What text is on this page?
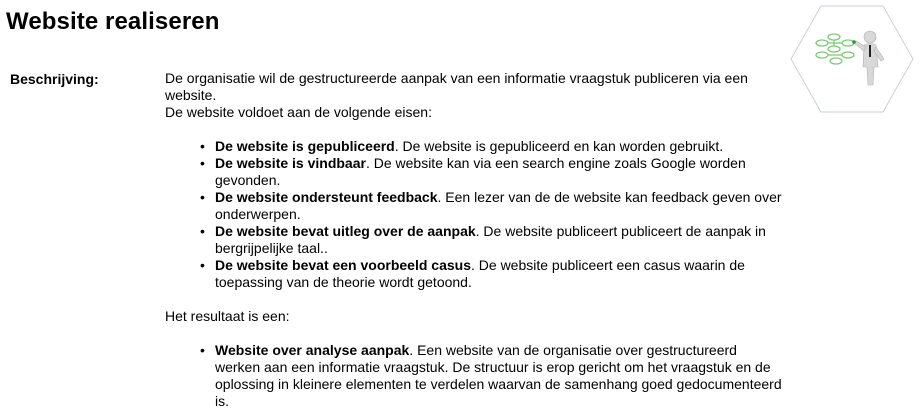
Website realiseren
Beschrijving:	De organisatie wil de gestructureerde aanpak van een informatie vraagstuk publiceren via een website.

De website voldoet aan de volgende eisen:

• De website is gepubliceerd. De website is gepubliceerd en kan worden gebruikt.
• De website is vindbaar. De website kan via een search engine zoals Google worden gevonden.
• De website ondersteunt feedback. Een lezer van de de website kan feedback geven over onderwerpen.
• De website bevat uitleg over de aanpak. De website publiceert publiceert de aanpak in bergrijpelijke taal..
• De website bevat een voorbeeld casus. De website publiceert een casus waarin de toepassing van de theorie wordt getoond.

Het resultaat is een:

• Website over analyse aanpak. Een website van de organisatie over gestructureerd werken aan een informatie vraagstuk. De structuur is erop gericht om het vraagstuk en de oplossing in kleinere elementen te verdelen waarvan de samenhang goed gedocumenteerd is.
